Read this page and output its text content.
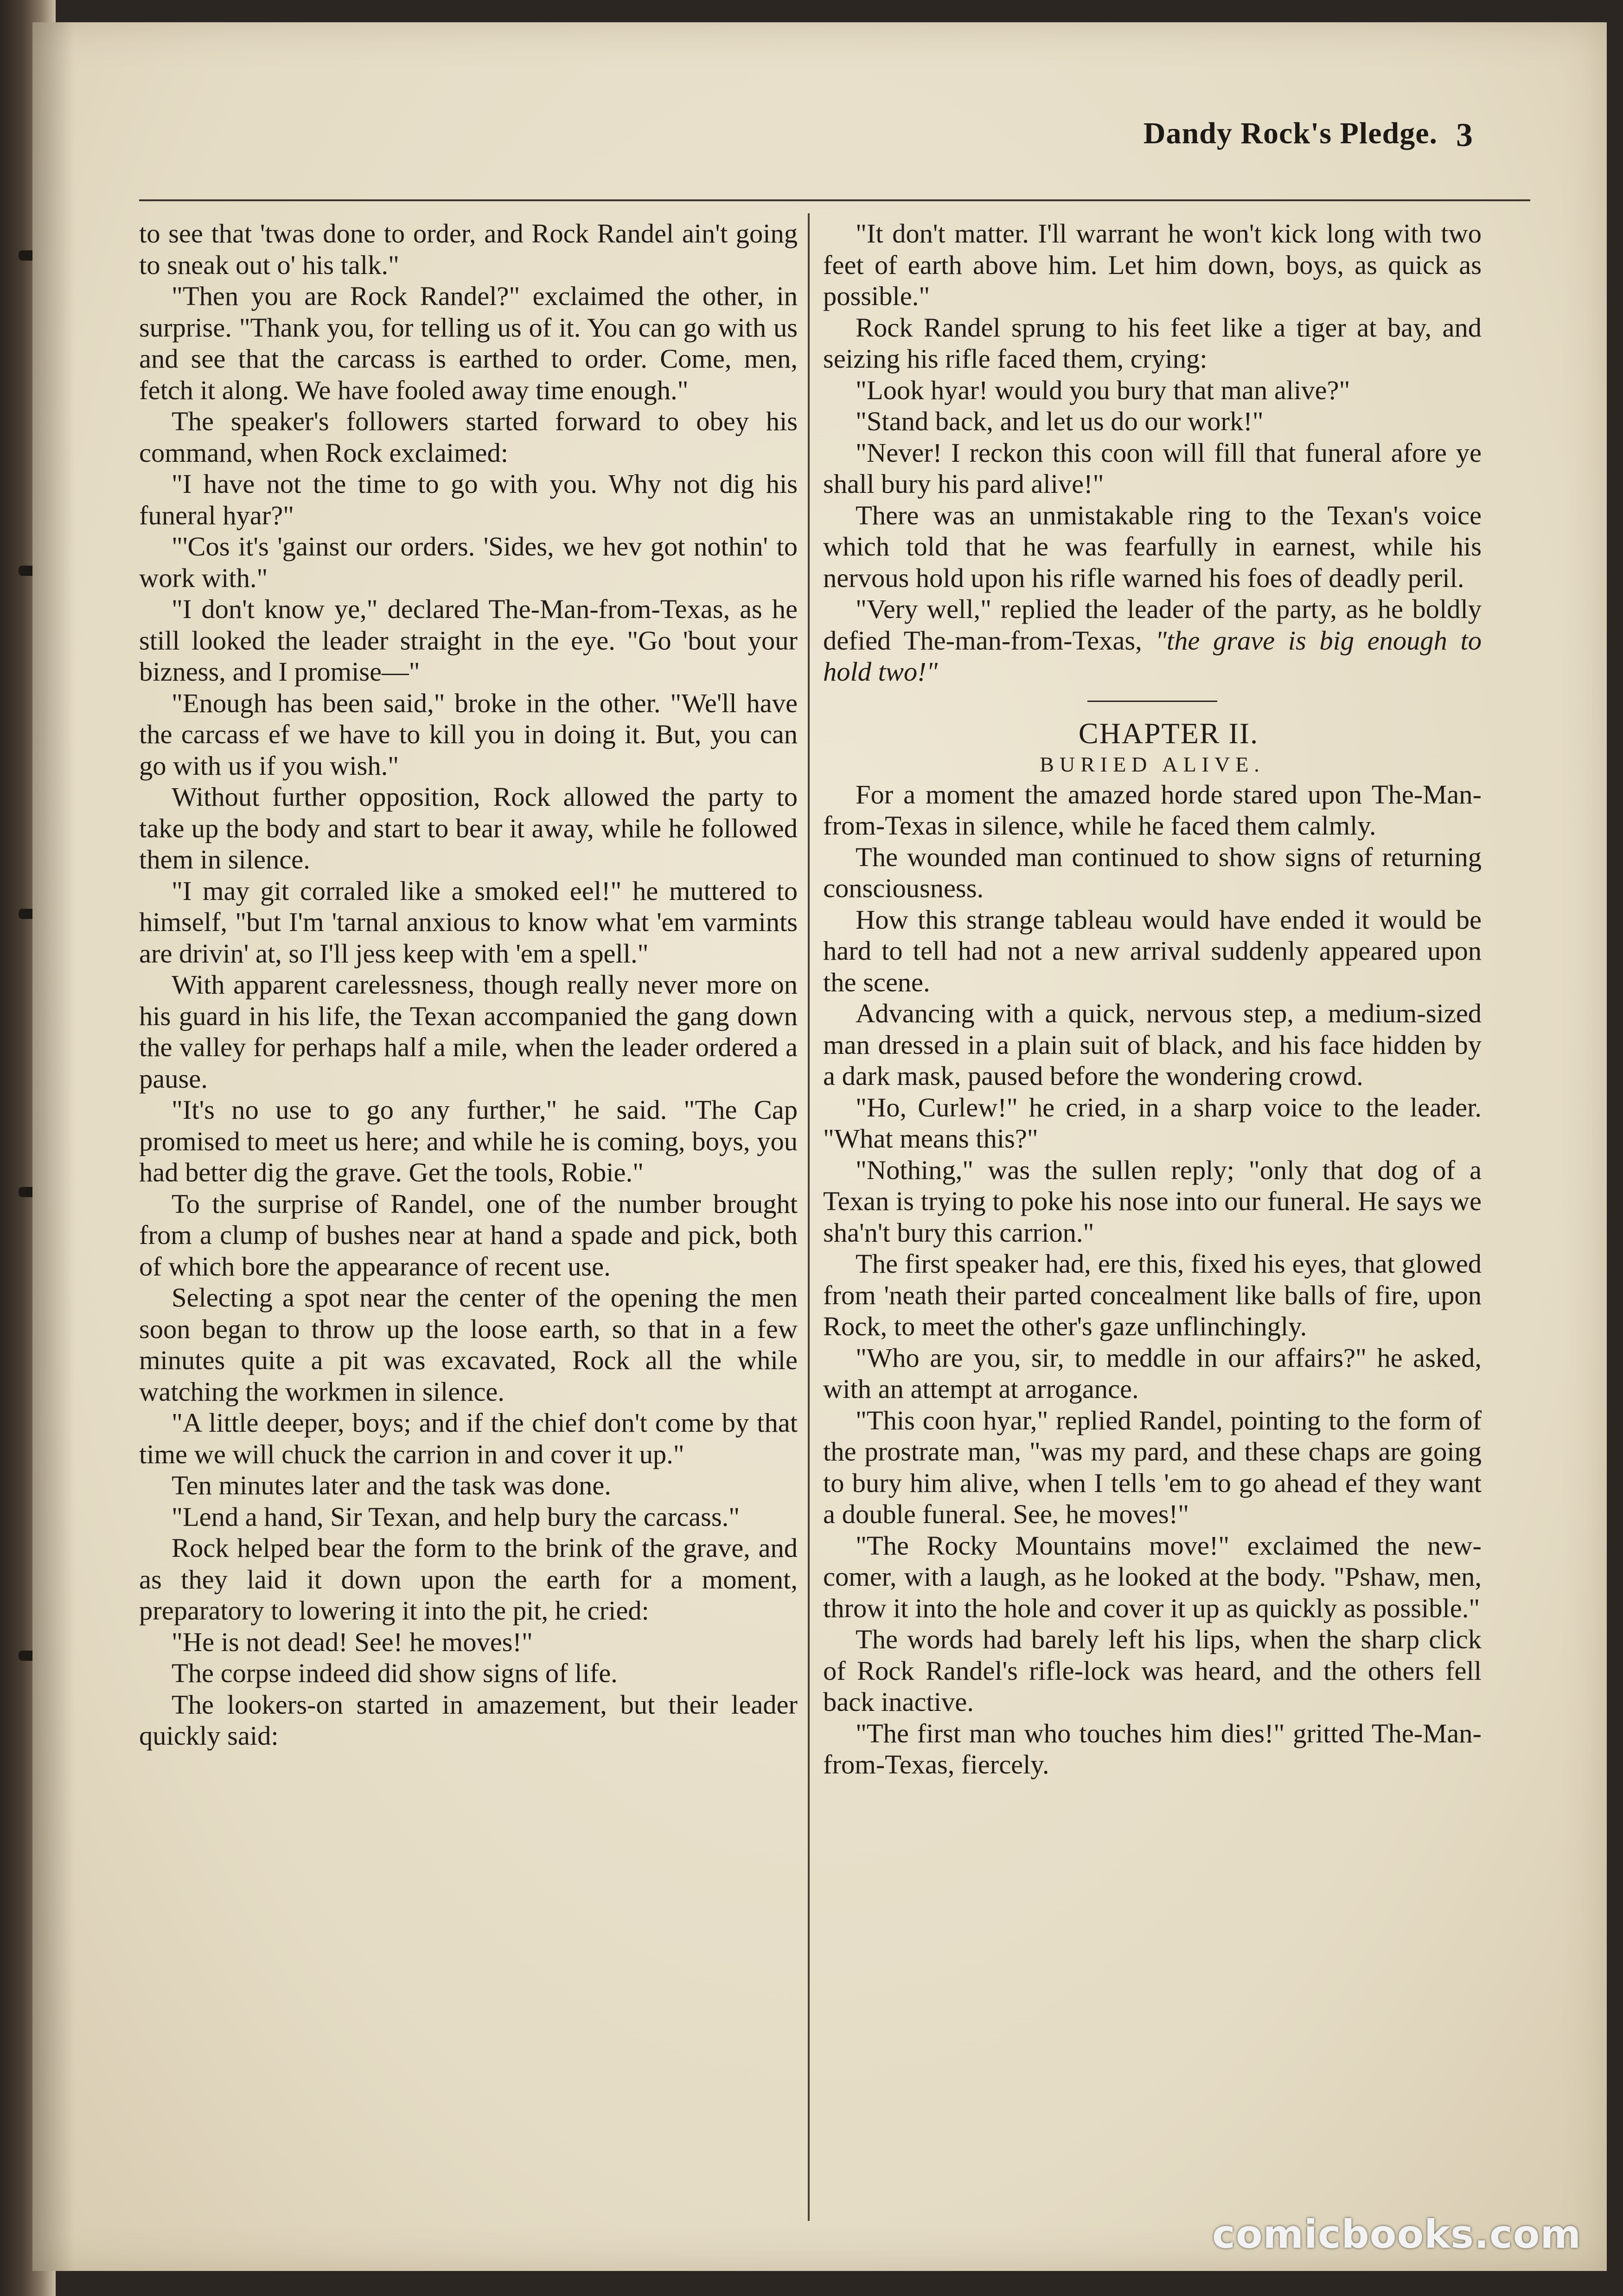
Dandy Rock's Pledge. 3

to see that 'twas done to order, and Rock Randel ain't going to sneak out o' his talk."

"Then you are Rock Randel?" exclaimed the other, in surprise. "Thank you, for telling us of it. You can go with us and see that the carcass is earthed to order. Come, men, fetch it along. We have fooled away time enough."

The speaker's followers started forward to obey his command, when Rock exclaimed:

"I have not the time to go with you. Why not dig his funeral hyar?"

"'Cos it's 'gainst our orders. 'Sides, we hev got nothin' to work with."

"I don't know ye," declared The-Man-from-Texas, as he still looked the leader straight in the eye. "Go 'bout your bizness, and I promise—"

"Enough has been said," broke in the other. "We'll have the carcass ef we have to kill you in doing it. But, you can go with us if you wish."

Without further opposition, Rock allowed the party to take up the body and start to bear it away, while he followed them in silence.

"I may git corraled like a smoked eel!" he muttered to himself, "but I'm 'tarnal anxious to know what 'em varmints are drivin' at, so I'll jess keep with 'em a spell."

With apparent carelessness, though really never more on his guard in his life, the Texan accompanied the gang down the valley for perhaps half a mile, when the leader ordered a pause.

"It's no use to go any further," he said. "The Cap promised to meet us here; and while he is coming, boys, you had better dig the grave. Get the tools, Robie."

To the surprise of Randel, one of the number brought from a clump of bushes near at hand a spade and pick, both of which bore the appearance of recent use.

Selecting a spot near the center of the opening the men soon began to throw up the loose earth, so that in a few minutes quite a pit was excavated, Rock all the while watching the workmen in silence.

"A little deeper, boys; and if the chief don't come by that time we will chuck the carrion in and cover it up."

Ten minutes later and the task was done.

"Lend a hand, Sir Texan, and help bury the carcass."

Rock helped bear the form to the brink of the grave, and as they laid it down upon the earth for a moment, preparatory to lowering it into the pit, he cried:

"He is not dead! See! he moves!"

The corpse indeed did show signs of life.

The lookers-on started in amazement, but their leader quickly said:

"It don't matter. I'll warrant he won't kick long with two feet of earth above him. Let him down, boys, as quick as possible."

Rock Randel sprung to his feet like a tiger at bay, and seizing his rifle faced them, crying:

"Look hyar! would you bury that man alive?"

"Stand back, and let us do our work!"

"Never! I reckon this coon will fill that funeral afore ye shall bury his pard alive!"

There was an unmistakable ring to the Texan's voice which told that he was fearfully in earnest, while his nervous hold upon his rifle warned his foes of deadly peril.

"Very well," replied the leader of the party, as he boldly defied The-man-from-Texas, "the grave is big enough to hold two!"

CHAPTER II.

BURIED ALIVE.

For a moment the amazed horde stared upon The-Man-from-Texas in silence, while he faced them calmly.

The wounded man continued to show signs of returning consciousness.

How this strange tableau would have ended it would be hard to tell had not a new arrival suddenly appeared upon the scene.

Advancing with a quick, nervous step, a medium-sized man dressed in a plain suit of black, and his face hidden by a dark mask, paused before the wondering crowd.

"Ho, Curlew!" he cried, in a sharp voice to the leader. "What means this?"

"Nothing," was the sullen reply; "only that dog of a Texan is trying to poke his nose into our funeral. He says we sha'n't bury this carrion."

The first speaker had, ere this, fixed his eyes, that glowed from 'neath their parted concealment like balls of fire, upon Rock, to meet the other's gaze unflinchingly.

"Who are you, sir, to meddle in our affairs?" he asked, with an attempt at arrogance.

"This coon hyar," replied Randel, pointing to the form of the prostrate man, "was my pard, and these chaps are going to bury him alive, when I tells 'em to go ahead ef they want a double funeral. See, he moves!"

"The Rocky Mountains move!" exclaimed the new-comer, with a laugh, as he looked at the body. "Pshaw, men, throw it into the hole and cover it up as quickly as possible."

The words had barely left his lips, when the sharp click of Rock Randel's rifle-lock was heard, and the others fell back inactive.

"The first man who touches him dies!" gritted The-Man-from-Texas, fiercely.

comicbooks.com
